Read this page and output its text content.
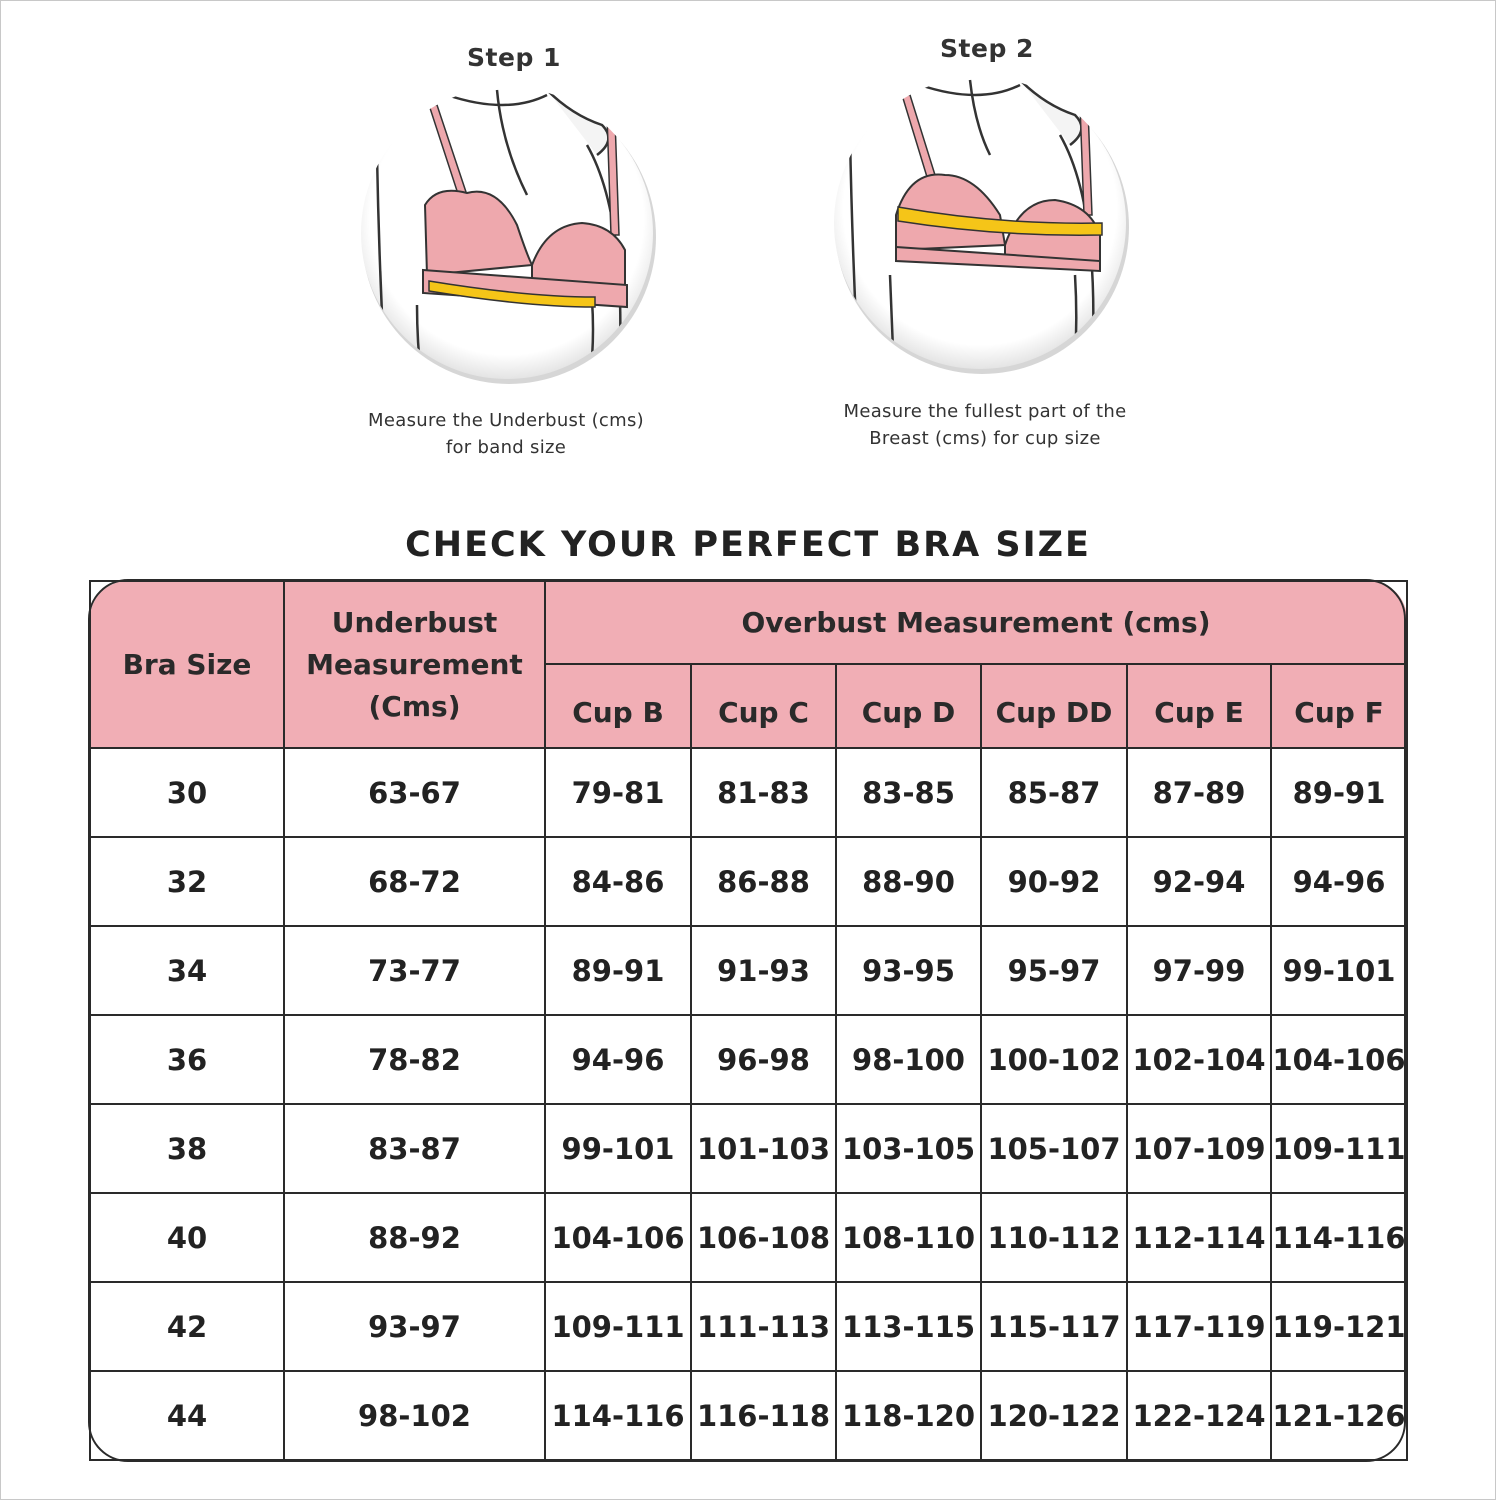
Step 1
Measure the Underbust (cms)
for band size
Step 2
Measure the fullest part of the
Breast (cms) for cup size
CHECK YOUR PERFECT BRA SIZE
Bra Size	Underbust
Measurement
(Cms)	Overbust Measurement (cms)					
		Cup B	Cup C	Cup D	Cup DD	Cup E	Cup F
30	63-67	79-81	81-83	83-85	85-87	87-89	89-91
32	68-72	84-86	86-88	88-90	90-92	92-94	94-96
34	73-77	89-91	91-93	93-95	95-97	97-99	99-101
36	78-82	94-96	96-98	98-100	100-102	102-104	104-106
38	83-87	99-101	101-103	103-105	105-107	107-109	109-111
40	88-92	104-106	106-108	108-110	110-112	112-114	114-116
42	93-97	109-111	111-113	113-115	115-117	117-119	119-121
44	98-102	114-116	116-118	118-120	120-122	122-124	121-126
